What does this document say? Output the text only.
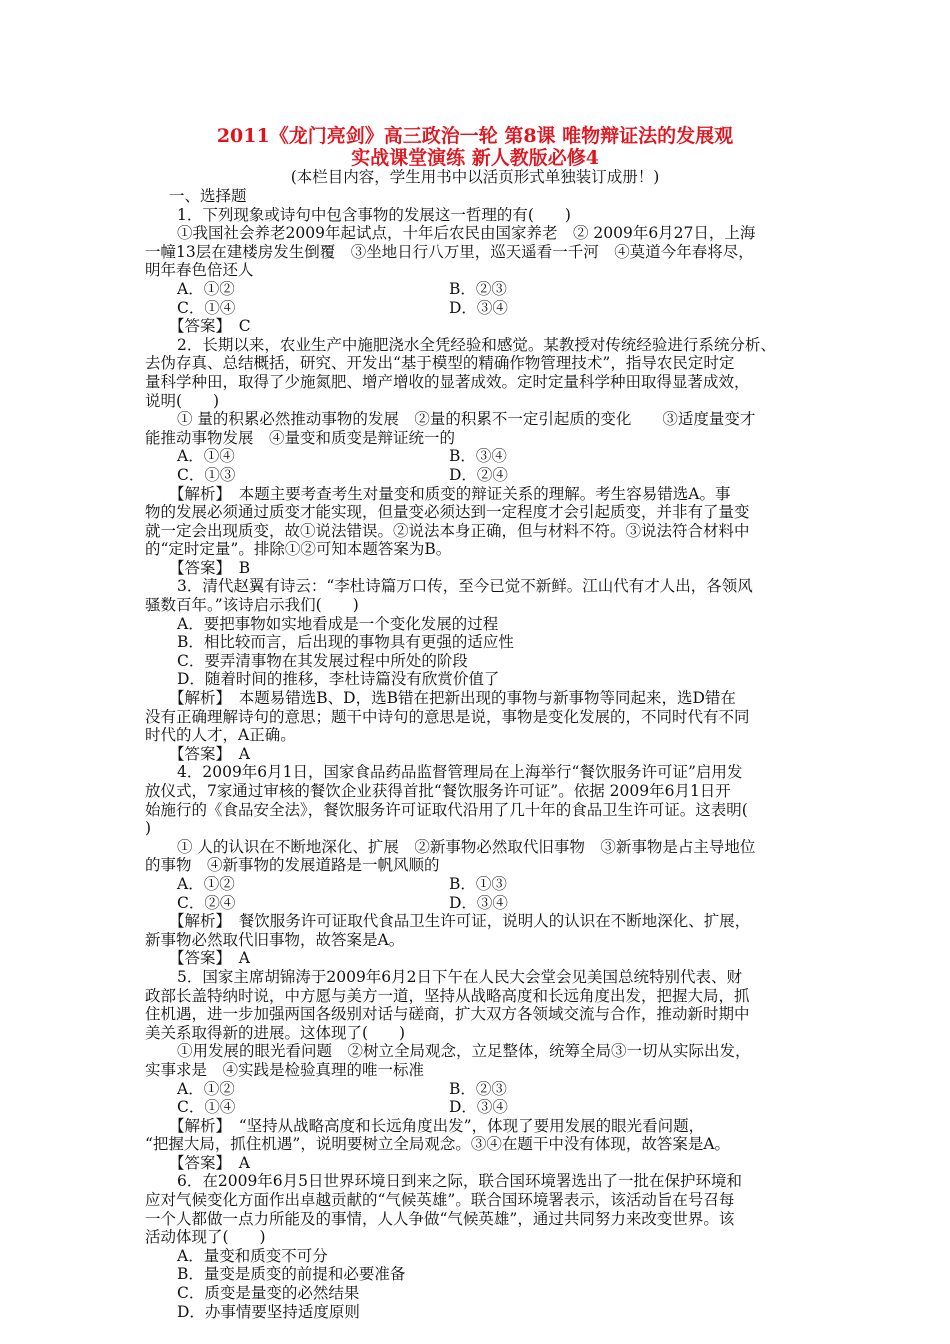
2011《龙门亮剑》高三政治一轮 第8课 唯物辩证法的发展观
实战课堂演练 新人教版必修4
(本栏目内容，学生用书中以活页形式单独装订成册！)
一、选择题
1．下列现象或诗句中包含事物的发展这一哲理的有(　　)
①我国社会养老2009年起试点，十年后农民由国家养老　② 2009年6月27日，上海
一幢13层在建楼房发生倒覆　③坐地日行八万里，巡天遥看一千河　④莫道今年春将尽，
明年春色倍还人
A．①②	B．②③
C．①④	D．③④
【答案】　C
2．长期以来，农业生产中施肥浇水全凭经验和感觉。某教授对传统经验进行系统分析、
去伪存真、总结概括，研究、开发出“基于模型的精确作物管理技术”，指导农民定时定
量科学种田，取得了少施氮肥、增产增收的显著成效。定时定量科学种田取得显著成效，
说明(　　)
① 量的积累必然推动事物的发展　②量的积累不一定引起质的变化　　③适度量变才
能推动事物发展　④量变和质变是辩证统一的
A．①④	B．③④
C．①③	D．②④
【解析】　本题主要考查考生对量变和质变的辩证关系的理解。考生容易错选A。事
物的发展必须通过质变才能实现，但量变必须达到一定程度才会引起质变，并非有了量变
就一定会出现质变，故①说法错误。②说法本身正确，但与材料不符。③说法符合材料中
的“定时定量”。排除①②可知本题答案为B。
【答案】　B
3．清代赵翼有诗云：“李杜诗篇万口传，至今已觉不新鲜。江山代有才人出，各领风
骚数百年。”该诗启示我们(　　)
A．要把事物如实地看成是一个变化发展的过程
B．相比较而言，后出现的事物具有更强的适应性
C．要弄清事物在其发展过程中所处的阶段
D．随着时间的推移，李杜诗篇没有欣赏价值了
【解析】　本题易错选B、D，选B错在把新出现的事物与新事物等同起来，选D错在
没有正确理解诗句的意思；题干中诗句的意思是说，事物是变化发展的，不同时代有不同
时代的人才，A正确。
【答案】　A
4．2009年6月1日，国家食品药品监督管理局在上海举行“餐饮服务许可证”启用发
放仪式，7家通过审核的餐饮企业获得首批“餐饮服务许可证”。依据 2009年6月1日开
始施行的《食品安全法》，餐饮服务许可证取代沿用了几十年的食品卫生许可证。这表明(
)
① 人的认识在不断地深化、扩展　②新事物必然取代旧事物　③新事物是占主导地位
的事物　④新事物的发展道路是一帆风顺的
A．①②	B．①③
C．②④	D．③④
【解析】　餐饮服务许可证取代食品卫生许可证，说明人的认识在不断地深化、扩展，
新事物必然取代旧事物，故答案是A。
【答案】　A
5．国家主席胡锦涛于2009年6月2日下午在人民大会堂会见美国总统特别代表、财
政部长盖特纳时说，中方愿与美方一道，坚持从战略高度和长远角度出发，把握大局，抓
住机遇，进一步加强两国各级别对话与磋商，扩大双方各领域交流与合作，推动新时期中
美关系取得新的进展。这体现了(　　)
①用发展的眼光看问题　②树立全局观念，立足整体，统筹全局③一切从实际出发，
实事求是　④实践是检验真理的唯一标准
A．①②	B．②③
C．①④	D．③④
【解析】　“坚持从战略高度和长远角度出发”，体现了要用发展的眼光看问题，
“把握大局，抓住机遇”，说明要树立全局观念。③④在题干中没有体现，故答案是A。
【答案】　A
6．在2009年6月5日世界环境日到来之际，联合国环境署选出了一批在保护环境和
应对气候变化方面作出卓越贡献的“气候英雄”。联合国环境署表示，该活动旨在号召每
一个人都做一点力所能及的事情，人人争做“气候英雄”，通过共同努力来改变世界。该
活动体现了(　　)
A．量变和质变不可分
B．量变是质变的前提和必要准备
C．质变是量变的必然结果
D．办事情要坚持适度原则
